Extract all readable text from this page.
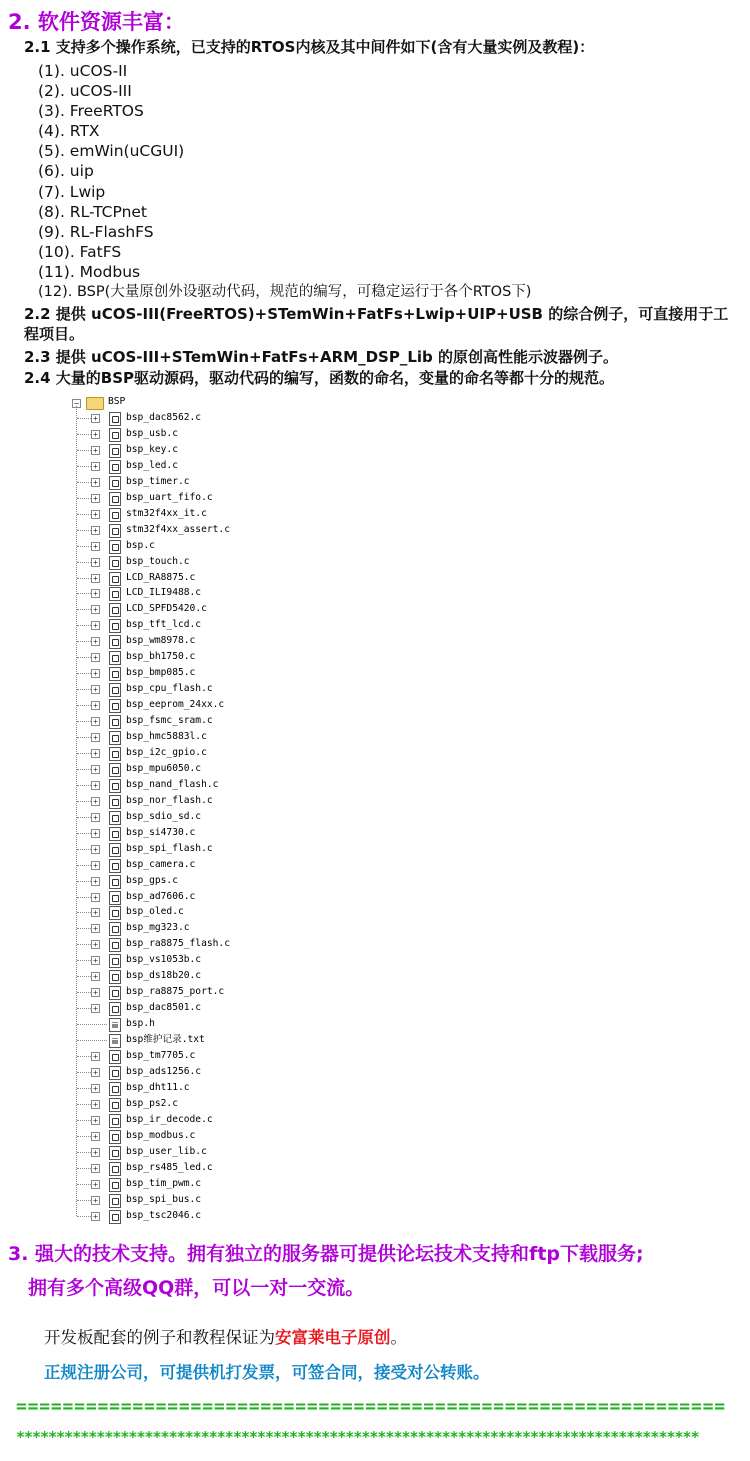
2. 软件资源丰富：
2.1 支持多个操作系统，已支持的RTOS内核及其中间件如下(含有大量实例及教程)：
(1). uCOS-II
(2). uCOS-III
(3). FreeRTOS
(4). RTX
(5). emWin(uCGUI)
(6). uip
(7). Lwip
(8). RL-TCPnet
(9). RL-FlashFS
(10). FatFS
(11). Modbus
(12). BSP(大量原创外设驱动代码，规范的编写，可稳定运行于各个RTOS下)
2.2 提供 uCOS-III(FreeRTOS)+STemWin+FatFs+Lwip+UIP+USB 的综合例子，可直接用于工程项目。
2.3 提供 uCOS-III+STemWin+FatFs+ARM_DSP_Lib 的原创高性能示波器例子。
2.4 大量的BSP驱动源码，驱动代码的编写，函数的命名，变量的命名等都十分的规范。
−	BSP
+	bsp_dac8562.c
+	bsp_usb.c
+	bsp_key.c
+	bsp_led.c
+	bsp_timer.c
+	bsp_uart_fifo.c
+	stm32f4xx_it.c
+	stm32f4xx_assert.c
+	bsp.c
+	bsp_touch.c
+	LCD_RA8875.c
+	LCD_ILI9488.c
+	LCD_SPFD5420.c
+	bsp_tft_lcd.c
+	bsp_wm8978.c
+	bsp_bh1750.c
+	bsp_bmp085.c
+	bsp_cpu_flash.c
+	bsp_eeprom_24xx.c
+	bsp_fsmc_sram.c
+	bsp_hmc5883l.c
+	bsp_i2c_gpio.c
+	bsp_mpu6050.c
+	bsp_nand_flash.c
+	bsp_nor_flash.c
+	bsp_sdio_sd.c
+	bsp_si4730.c
+	bsp_spi_flash.c
+	bsp_camera.c
+	bsp_gps.c
+	bsp_ad7606.c
+	bsp_oled.c
+	bsp_mg323.c
+	bsp_ra8875_flash.c
+	bsp_vs1053b.c
+	bsp_ds18b20.c
+	bsp_ra8875_port.c
+	bsp_dac8501.c
bsp.h
bsp维护记录.txt
+	bsp_tm7705.c
+	bsp_ads1256.c
+	bsp_dht11.c
+	bsp_ps2.c
+	bsp_ir_decode.c
+	bsp_modbus.c
+	bsp_user_lib.c
+	bsp_rs485_led.c
+	bsp_tim_pwm.c
+	bsp_spi_bus.c
+	bsp_tsc2046.c
3. 强大的技术支持。拥有独立的服务器可提供论坛技术支持和ftp下载服务;
拥有多个高级QQ群，可以一对一交流。
开发板配套的例子和教程保证为安富莱电子原创。
正规注册公司，可提供机打发票，可签合同，接受对公转账。
=============================================================
*************************************************************************************
